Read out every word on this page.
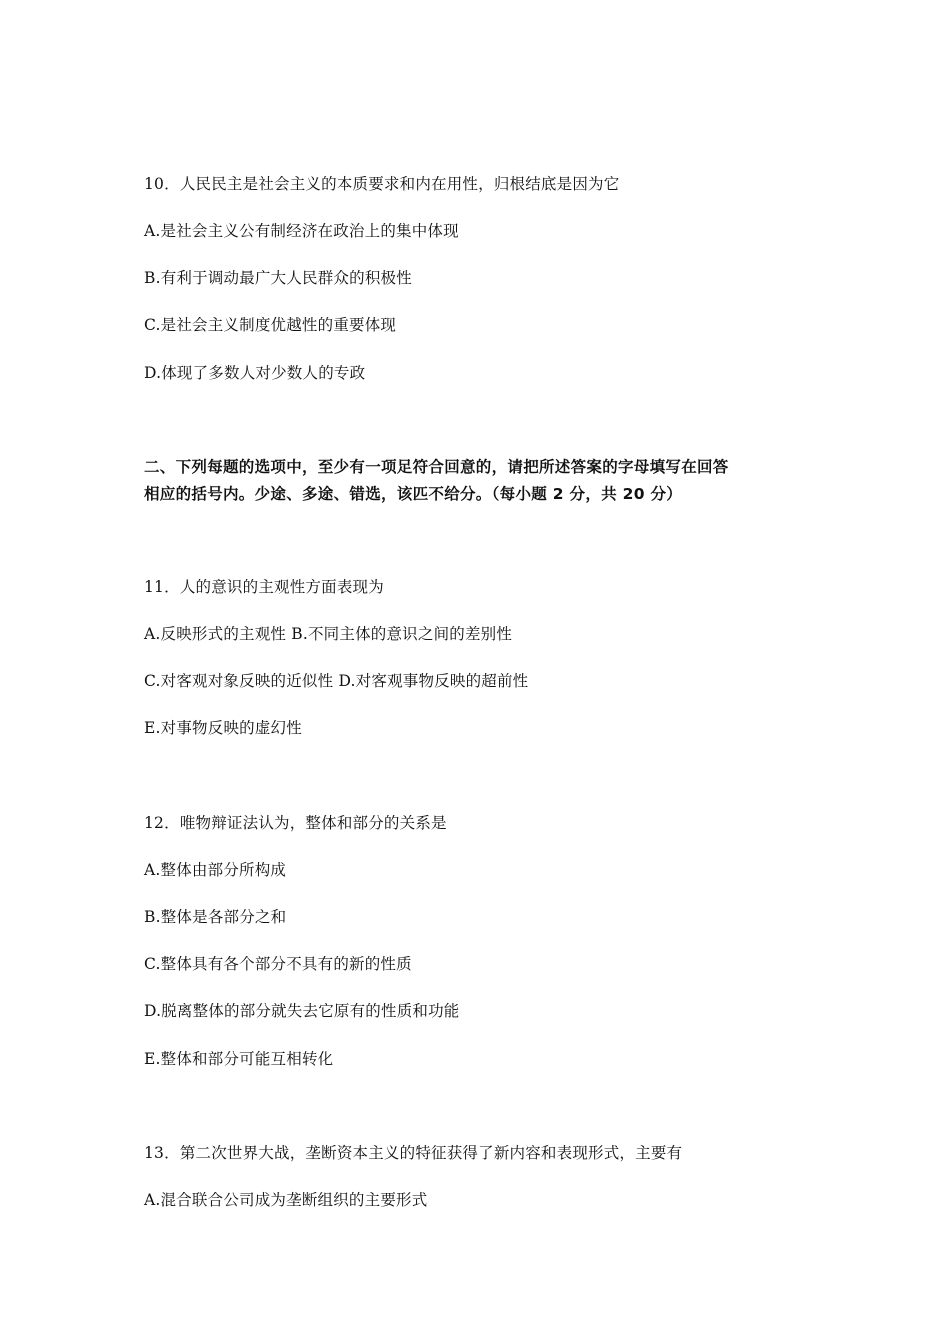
10．人民民主是社会主义的本质要求和内在用性，归根结底是因为它
A.是社会主义公有制经济在政治上的集中体现
B.有利于调动最广大人民群众的积极性
C.是社会主义制度优越性的重要体现
D.体现了多数人对少数人的专政
二、下列每题的选项中，至少有一项足符合回意的，请把所述答案的字母填写在回答
相应的括号内。少途、多途、错选，该匹不给分。（每小题 2 分，共 20 分）
11．人的意识的主观性方面表现为
A.反映形式的主观性 B.不同主体的意识之间的差别性
C.对客观对象反映的近似性 D.对客观事物反映的超前性
E.对事物反映的虚幻性
12．唯物辩证法认为，整体和部分的关系是
A.整体由部分所构成
B.整体是各部分之和
C.整体具有各个部分不具有的新的性质
D.脱离整体的部分就失去它原有的性质和功能
E.整体和部分可能互相转化
13．第二次世界大战，垄断资本主义的特征获得了新内容和表现形式，主要有
A.混合联合公司成为垄断组织的主要形式
